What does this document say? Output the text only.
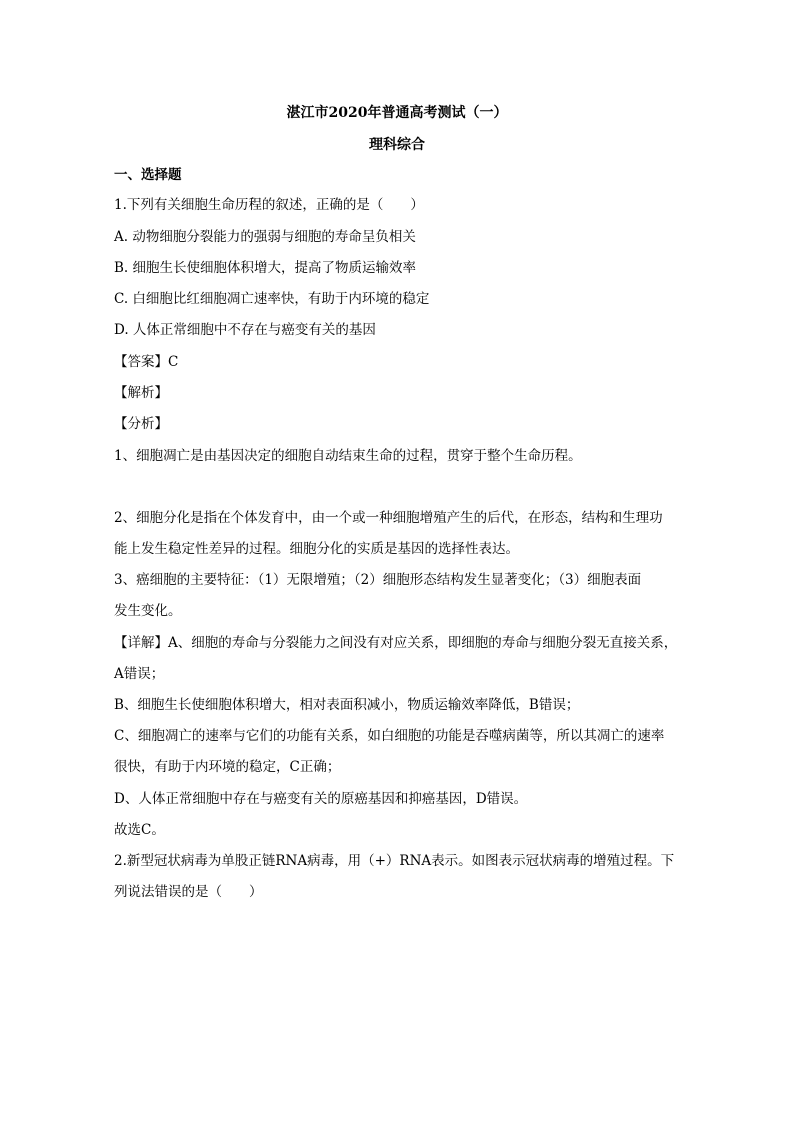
湛江市2020年普通高考测试（一）
理科综合
一、选择题
1.下列有关细胞生命历程的叙述，正确的是（　　）
A. 动物细胞分裂能力的强弱与细胞的寿命呈负相关
B. 细胞生长使细胞体积增大，提高了物质运输效率
C. 白细胞比红细胞凋亡速率快，有助于内环境的稳定
D. 人体正常细胞中不存在与癌变有关的基因
【答案】C
【解析】
【分析】
1、细胞凋亡是由基因决定的细胞自动结束生命的过程，贯穿于整个生命历程。
2、细胞分化是指在个体发育中，由一个或一种细胞增殖产生的后代，在形态，结构和生理功
能上发生稳定性差异的过程。细胞分化的实质是基因的选择性表达。
3、癌细胞的主要特征：（1）无限增殖；（2）细胞形态结构发生显著变化；（3）细胞表面
发生变化。
【详解】A、细胞的寿命与分裂能力之间没有对应关系，即细胞的寿命与细胞分裂无直接关系，
A错误；
B、细胞生长使细胞体积增大，相对表面积减小，物质运输效率降低，B错误；
C、细胞凋亡的速率与它们的功能有关系，如白细胞的功能是吞噬病菌等，所以其凋亡的速率
很快，有助于内环境的稳定，C正确；
D、人体正常细胞中存在与癌变有关的原癌基因和抑癌基因，D错误。
故选C。
2.新型冠状病毒为单股正链RNA病毒，用（+）RNA表示。如图表示冠状病毒的增殖过程。下
列说法错误的是（　　）
